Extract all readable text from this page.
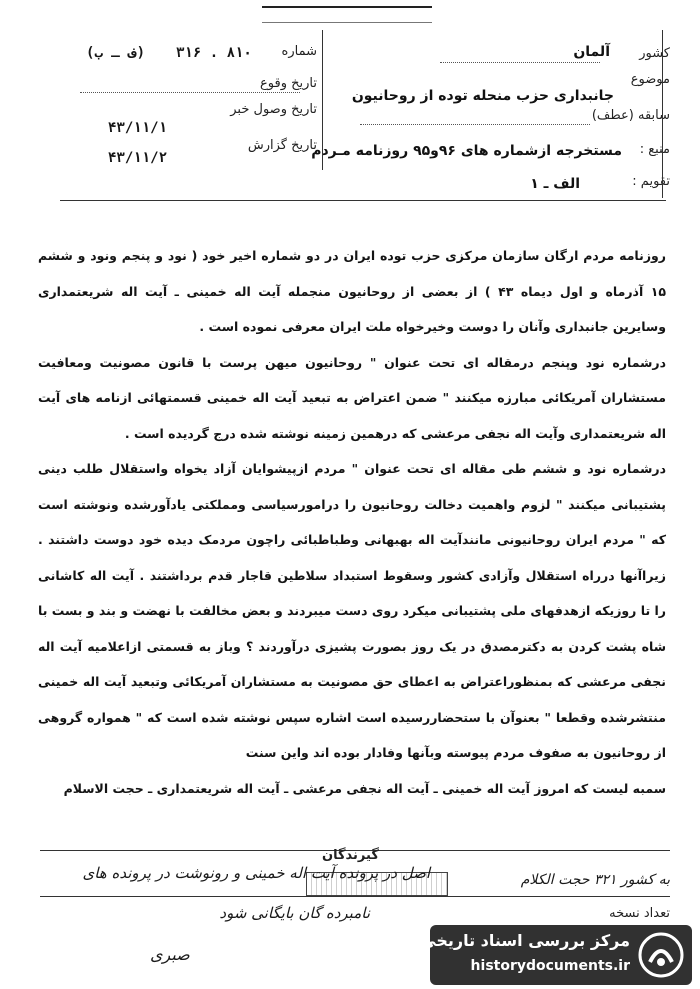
کشور
آلمان
موضوع
جانبداری حزب منحله توده از روحانیون
سابقه (عطف)
منبع :
مستخرجه ازشماره های ۹۶و۹۵ روزنامه مـردم
تقویم :
الف ـ ۱
شماره
۳۱۶ . ۸۱۰
(ف ـ ب)
تاریخ وقوع
تاریخ وصول خبر
۴۳/۱۱/۱
تاریخ گزارش
۴۳/۱۱/۲

روزنامه مردم ارگان سازمان مرکزی حزب توده ایران در دو شماره اخیر خود ( نود و پنجم ونود و ششم ۱۵ آذرماه و اول دیماه ۴۳ ) از بعضی از روحانیون منجمله آیت اله خمینی ـ آیت اله شریعتمداری وسایرین جانبداری وآنان را دوست وخیرخواه ملت ایران معرفی نموده است .

درشماره نود وپنجم درمقاله ای تحت عنوان " روحانیون میهن پرست با قانون مصونیت ومعافیت مستشاران آمریکائی مبارزه میکنند " ضمن اعتراض به تبعید آیت اله خمینی قسمتهائی ازنامه های آیت اله شریعتمداری وآیت اله نجفی مرعشی که درهمین زمینه نوشته شده درج گردیده است .

درشماره نود و ششم طی مقاله ای تحت عنوان " مردم ازپیشوایان آزاد یخواه واستقلال طلب دینی پشتیبانی میکنند " لزوم واهمیت دخالت روحانیون را درامورسیاسی ومملکتی یادآورشده ونوشته است که " مردم ایران روحانیونی مانندآیت اله بهبهانی وطباطبائی راچون مردمک دیده خود دوست داشتند . زیراآنها درراه استقلال وآزادی کشور وسقوط استبداد سلاطین قاجار قدم برداشتند . آیت اله کاشانی را تا روزیکه ازهدفهای ملی پشتیبانی میکرد روی دست میبردند و بعض مخالفت با نهضت و بند و بست با شاه پشت کردن به دکترمصدق در یک روز بصورت پشیزی درآوردند ؟ وباز به قسمتی ازاعلامیه آیت اله نجفی مرعشی که بمنظوراعتراض به اعطای حق مصونیت به مستشاران آمریکائی وتبعید آیت اله خمینی منتشرشده وقطعا " بعنوآن با ستحضاررسیده است اشاره سپس نوشته شده است که " همواره گروهی از روحانیون به صفوف مردم پیوسته وبآنها وفادار بوده اند واین سنت

سمبه لیست که امروز آیت اله خمینی ـ آیت اله نجفی مرعشی ـ آیت اله شریعتمداری ـ حجت الاسلام

گیرندگان
به کشور ۳۲۱ حجت الکلام
اصل در پرونده آیت اله خمینی و رونوشت در پرونده های
تعداد نسخه
نامبرده گان بایگانی شود
صبری
مرکز بررسی اسناد تاریخی
historydocuments.ir
